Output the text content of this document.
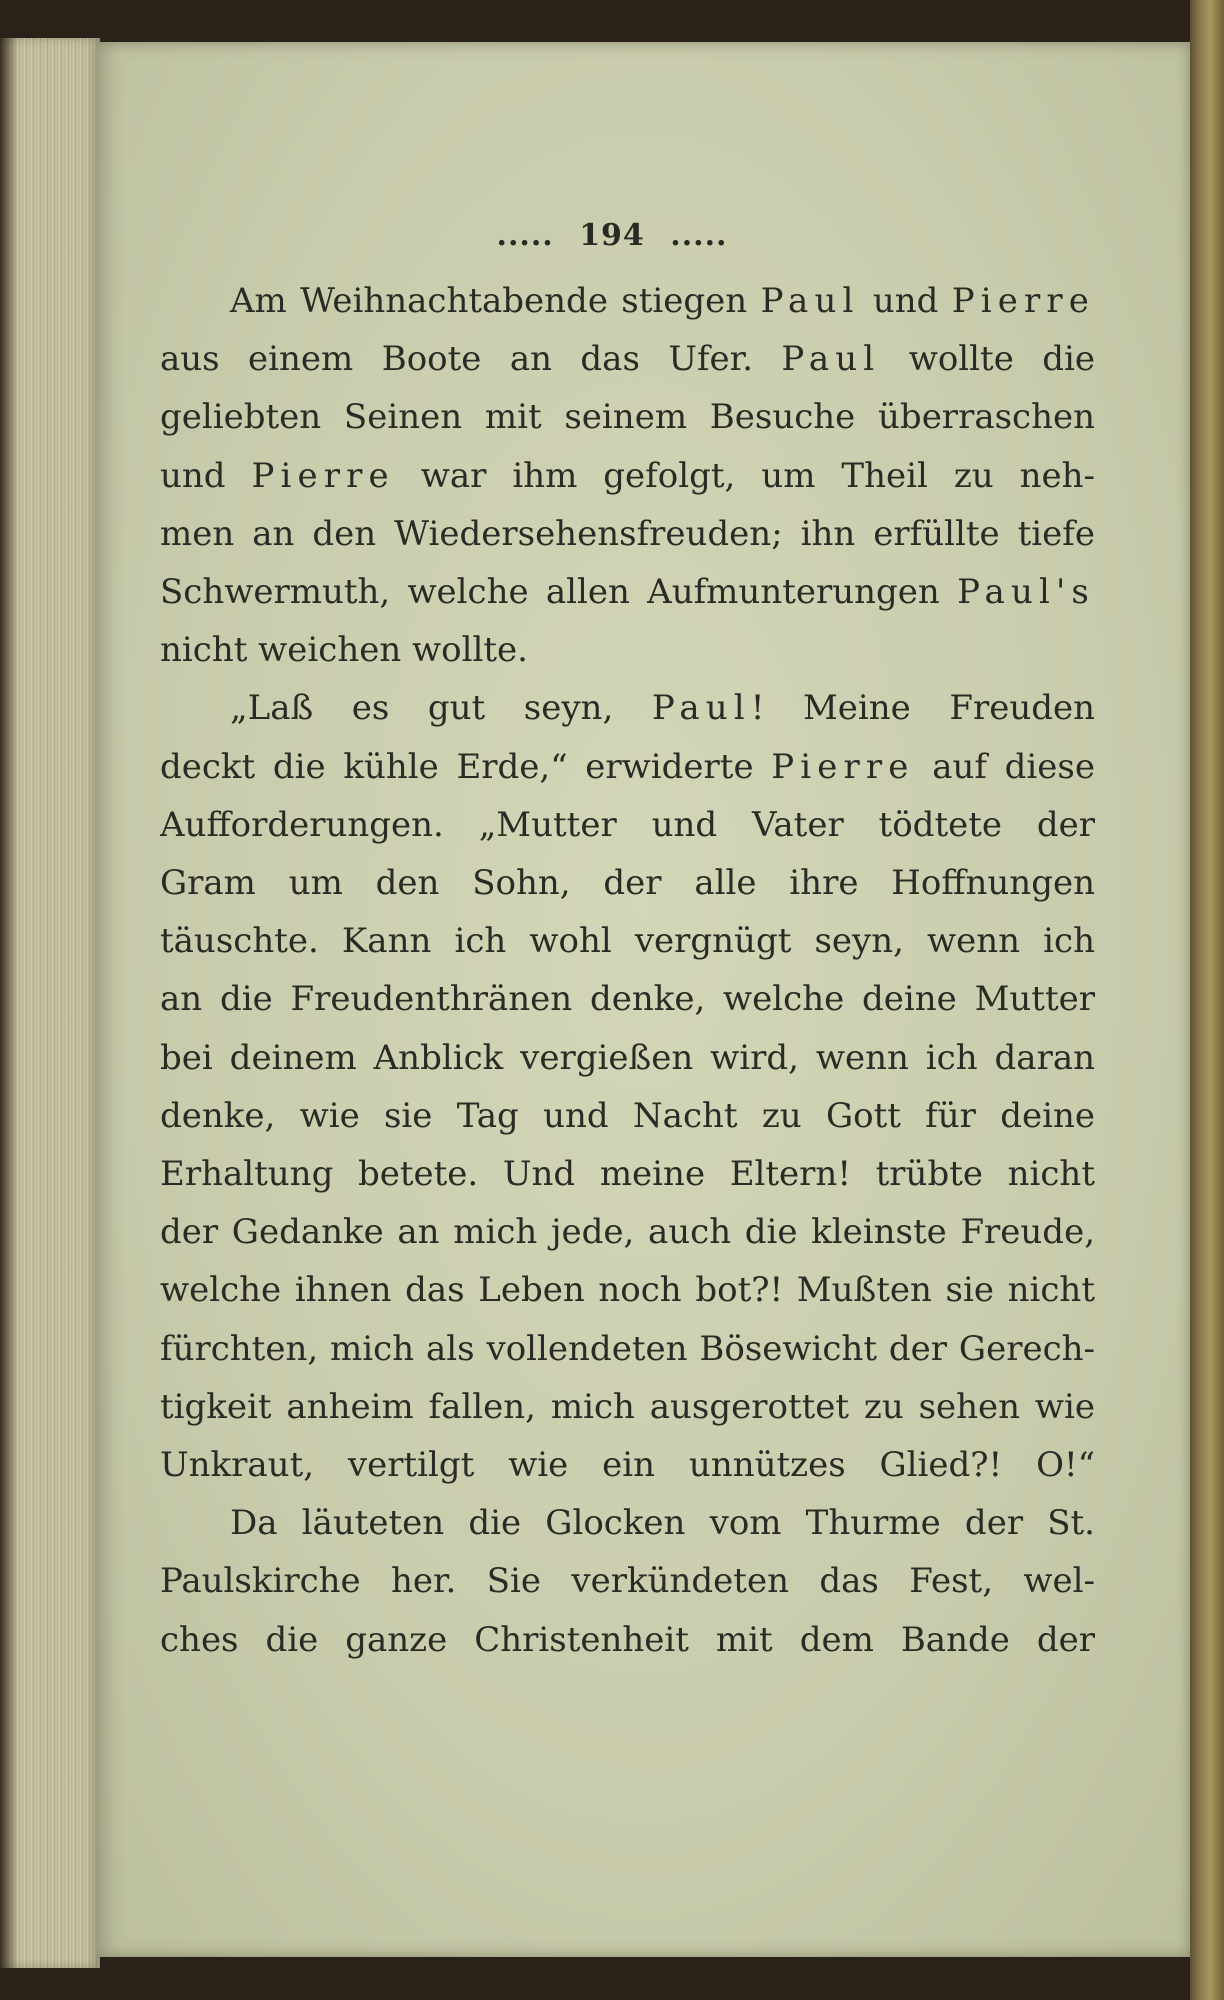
..... 194 .....
Am Weihnachtabende stiegen Paul und Pierre
aus einem Boote an das Ufer. Paul wollte die
geliebten Seinen mit seinem Besuche überraschen
und Pierre war ihm gefolgt, um Theil zu neh-
men an den Wiedersehensfreuden; ihn erfüllte tiefe
Schwermuth, welche allen Aufmunterungen Paul's
nicht weichen wollte.
„Laß es gut seyn, Paul! Meine Freuden
deckt die kühle Erde,“ erwiderte Pierre auf diese
Aufforderungen. „Mutter und Vater tödtete der
Gram um den Sohn, der alle ihre Hoffnungen
täuschte. Kann ich wohl vergnügt seyn, wenn ich
an die Freudenthränen denke, welche deine Mutter
bei deinem Anblick vergießen wird, wenn ich daran
denke, wie sie Tag und Nacht zu Gott für deine
Erhaltung betete. Und meine Eltern! trübte nicht
der Gedanke an mich jede, auch die kleinste Freude,
welche ihnen das Leben noch bot?! Mußten sie nicht
fürchten, mich als vollendeten Bösewicht der Gerech-
tigkeit anheim fallen, mich ausgerottet zu sehen wie
Unkraut, vertilgt wie ein unnützes Glied?! O!“
Da läuteten die Glocken vom Thurme der St.
Paulskirche her. Sie verkündeten das Fest, wel-
ches die ganze Christenheit mit dem Bande der
